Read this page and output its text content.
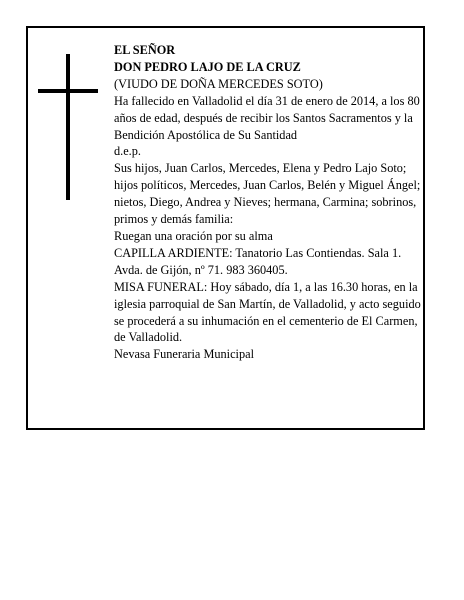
EL SEÑOR

DON PEDRO LAJO DE LA CRUZ

(VIUDO DE DOÑA MERCEDES SOTO)

Ha fallecido en Valladolid el día 31 de enero de 2014, a los 80 años de edad, después de recibir los Santos Sacramentos y la Bendición Apostólica de Su Santidad

d.e.p.

Sus hijos, Juan Carlos, Mercedes, Elena y Pedro Lajo Soto; hijos políticos, Mercedes, Juan Carlos, Belén y Miguel Ángel; nietos, Diego, Andrea y Nieves; hermana, Carmina; sobrinos, primos y demás familia:

Ruegan una oración por su alma

CAPILLA ARDIENTE: Tanatorio Las Contiendas. Sala 1. Avda. de Gijón, nº 71. 983 360405.

MISA FUNERAL: Hoy sábado, día 1, a las 16.30 horas, en la iglesia parroquial de San Martín, de Valladolid, y acto seguido se procederá a su inhumación en el cementerio de El Carmen, de Valladolid.

Nevasa Funeraria Municipal
